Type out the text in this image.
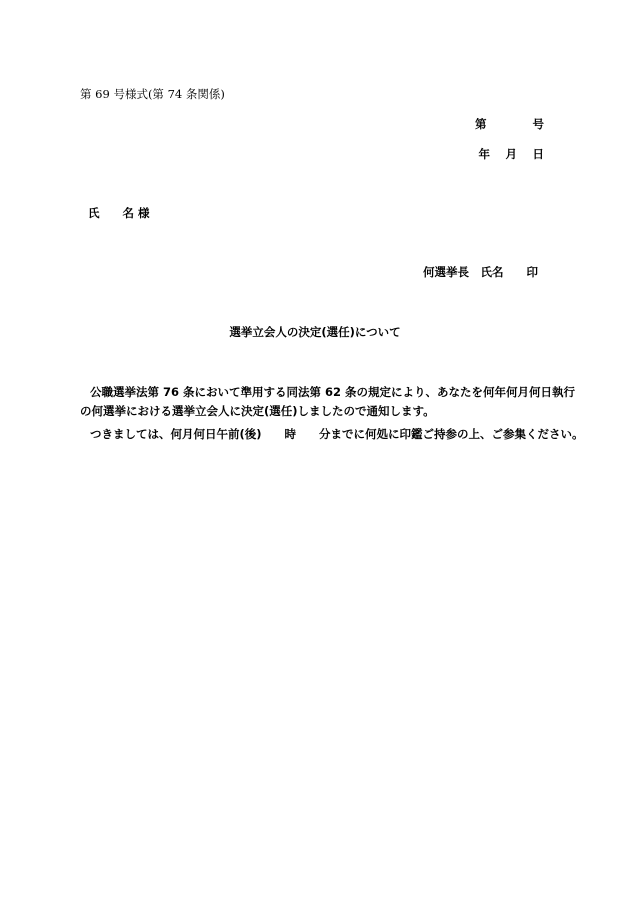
第 69 号様式(第 74 条関係)
第　　　　号
年　 月　 日
氏　　名 様
何選挙長　氏名　　印
選挙立会人の決定(選任)について
公職選挙法第 76 条において準用する同法第 62 条の規定により、あなたを何年何月何日執行
の何選挙における選挙立会人に決定(選任)しましたので通知します。
つきましては、何月何日午前(後)　　時　　分までに何処に印鑑ご持参の上、ご参集ください。
